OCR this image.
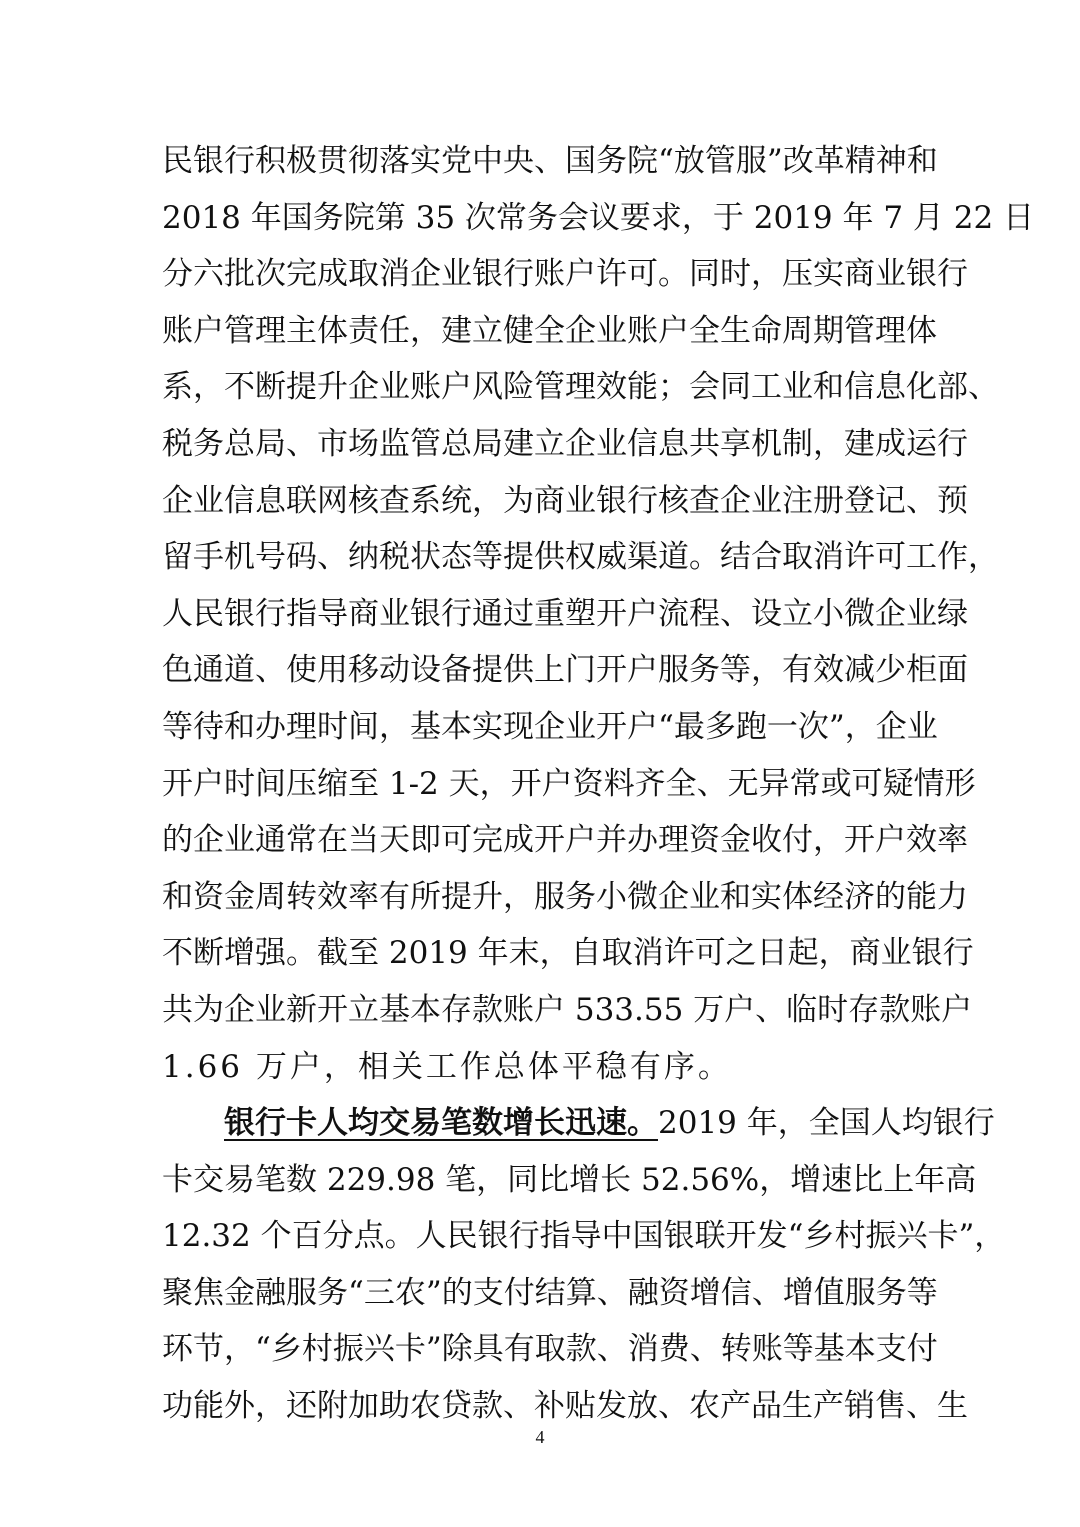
民银行积极贯彻落实党中央、国务院“放管服”改革精神和
2018 年国务院第 35 次常务会议要求，于 2019 年 7 月 22 日
分六批次完成取消企业银行账户许可。同时，压实商业银行
账户管理主体责任，建立健全企业账户全生命周期管理体
系，不断提升企业账户风险管理效能；会同工业和信息化部、
税务总局、市场监管总局建立企业信息共享机制，建成运行
企业信息联网核查系统，为商业银行核查企业注册登记、预
留手机号码、纳税状态等提供权威渠道。结合取消许可工作，
人民银行指导商业银行通过重塑开户流程、设立小微企业绿
色通道、使用移动设备提供上门开户服务等，有效减少柜面
等待和办理时间，基本实现企业开户“最多跑一次”，企业
开户时间压缩至 1-2 天，开户资料齐全、无异常或可疑情形
的企业通常在当天即可完成开户并办理资金收付，开户效率
和资金周转效率有所提升，服务小微企业和实体经济的能力
不断增强。截至 2019 年末，自取消许可之日起，商业银行
共为企业新开立基本存款账户 533.55 万户、临时存款账户
1.66 万户，相关工作总体平稳有序。
银行卡人均交易笔数增长迅速。2019 年，全国人均银行
卡交易笔数 229.98 笔，同比增长 52.56%，增速比上年高
12.32 个百分点。人民银行指导中国银联开发“乡村振兴卡”，
聚焦金融服务“三农”的支付结算、融资增信、增值服务等
环节，“乡村振兴卡”除具有取款、消费、转账等基本支付
功能外，还附加助农贷款、补贴发放、农产品生产销售、生
4
